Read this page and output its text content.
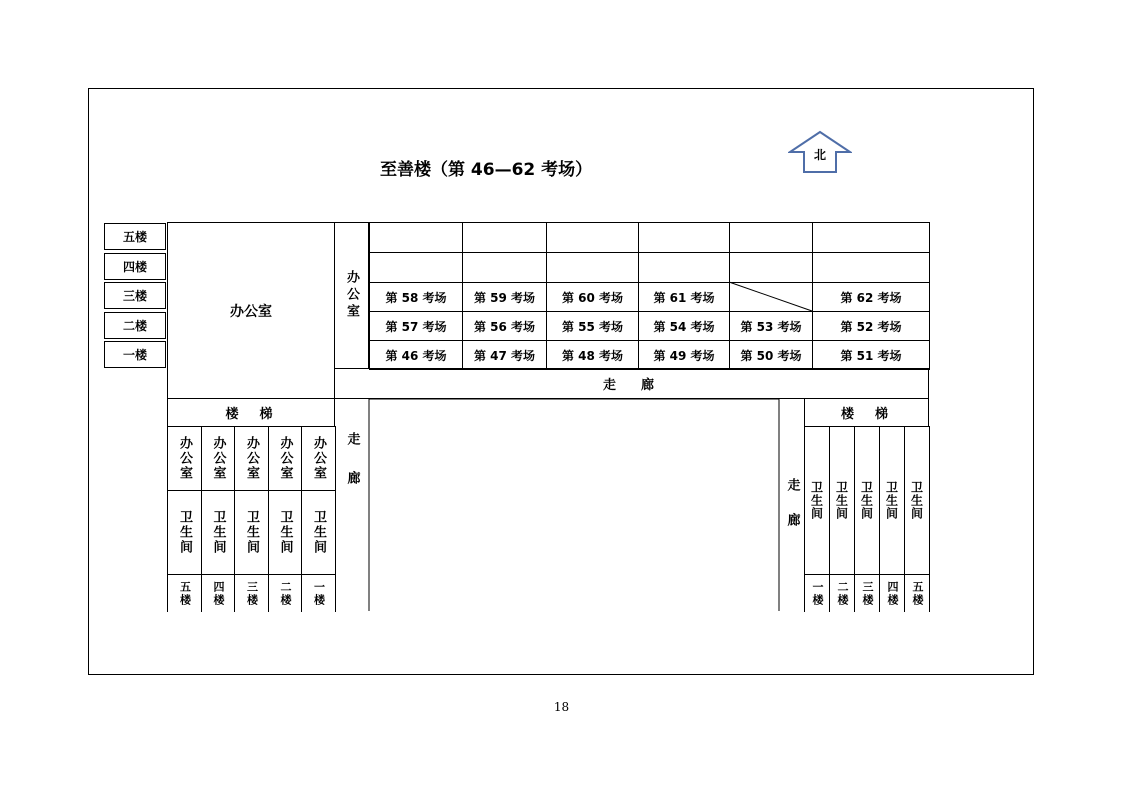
至善楼（第 46—62 考场）
北
五楼
四楼
三楼
二楼
一楼
办公室	办公室 第 58 考场 第 59 考场 第 60 考场	第 61 考场	第 62 考场
第 57 考场 第 56 考场 第 55 考场	第 54 考场 第 53 考场	第 52 考场
第 46 考场 第 47 考场 第 48 考场	第 49 考场 第 50 考场	第 51 考场
走　廊
楼　梯
办公室
卫生间
五楼
办公室
卫生间
四楼
办公室
卫生间
三楼
办公室
卫生间
二楼
办公室
卫生间
一楼
走廊
走廊
楼　梯
卫生间
一楼
卫生间
二楼
卫生间
三楼
卫生间
四楼
卫生间
五楼
18
